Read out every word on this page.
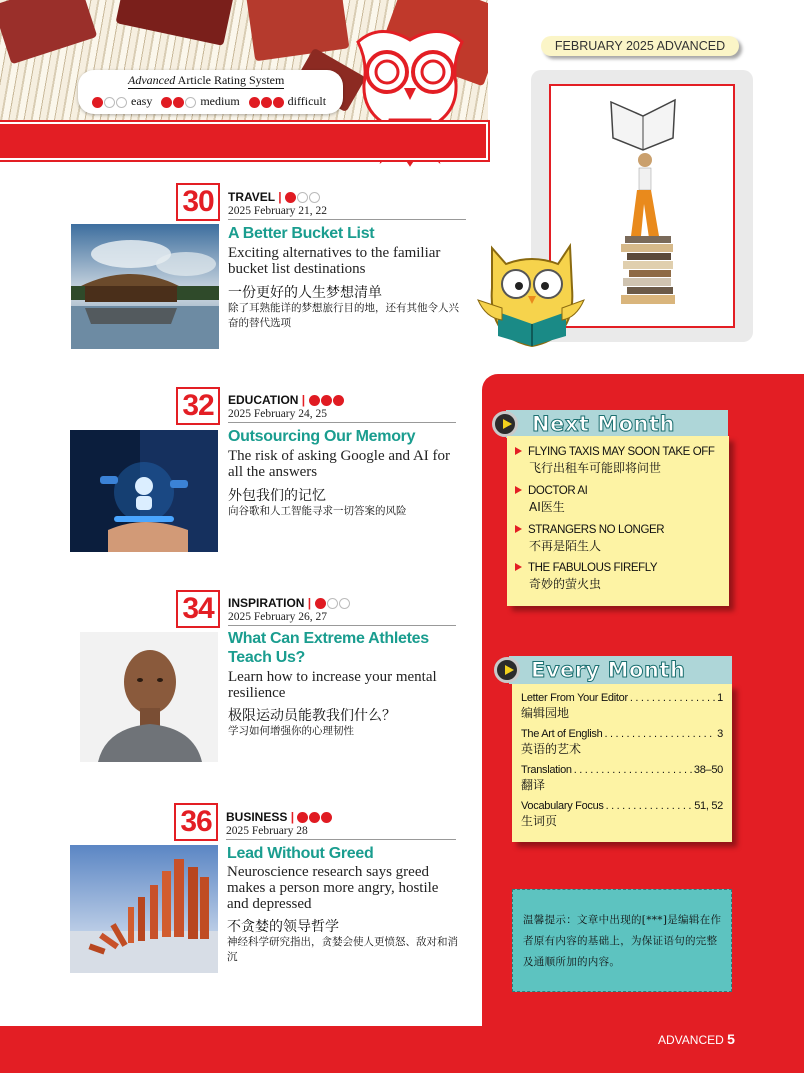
Advanced Article Rating System
easy	medium	difficult
30	TRAVEL |
2025 February 21, 22
A Better Bucket List
Exciting alternatives to the familiar bucket list destinations
一份更好的人生梦想清单
除了耳熟能详的梦想旅行目的地，还有其他令人兴奋的替代选项
32	EDUCATION |
2025 February 24, 25
Outsourcing Our Memory
The risk of asking Google and AI for all the answers
外包我们的记忆
向谷歌和人工智能寻求一切答案的风险
34	INSPIRATION |
2025 February 26, 27
What Can Extreme Athletes Teach Us?
Learn how to increase your mental resilience
极限运动员能教我们什么？
学习如何增强你的心理韧性
36	BUSINESS |
2025 February 28
Lead Without Greed
Neuroscience research says greed makes a person more angry, hostile and depressed
不贪婪的领导哲学
神经科学研究指出，贪婪会使人更愤怒、敌对和消沉
FEBRUARY 2025 ADVANCED
Next Month
FLYING TAXIS MAY SOON TAKE OFF
飞行出租车可能即将问世
DOCTOR AI
AI医生
STRANGERS NO LONGER
不再是陌生人
THE FABULOUS FIREFLY
奇妙的萤火虫
Every Month
Letter From Your Editor . . .	1
编辑园地
The Art of English . . .	3
英语的艺术
Translation . . .	38–50
翻译
Vocabulary Focus . . .	51, 52
生词页
温馨提示：文章中出现的[***]是编辑在作者原有内容的基础上，为保证语句的完整及通顺所加的内容。
ADVANCED 5
